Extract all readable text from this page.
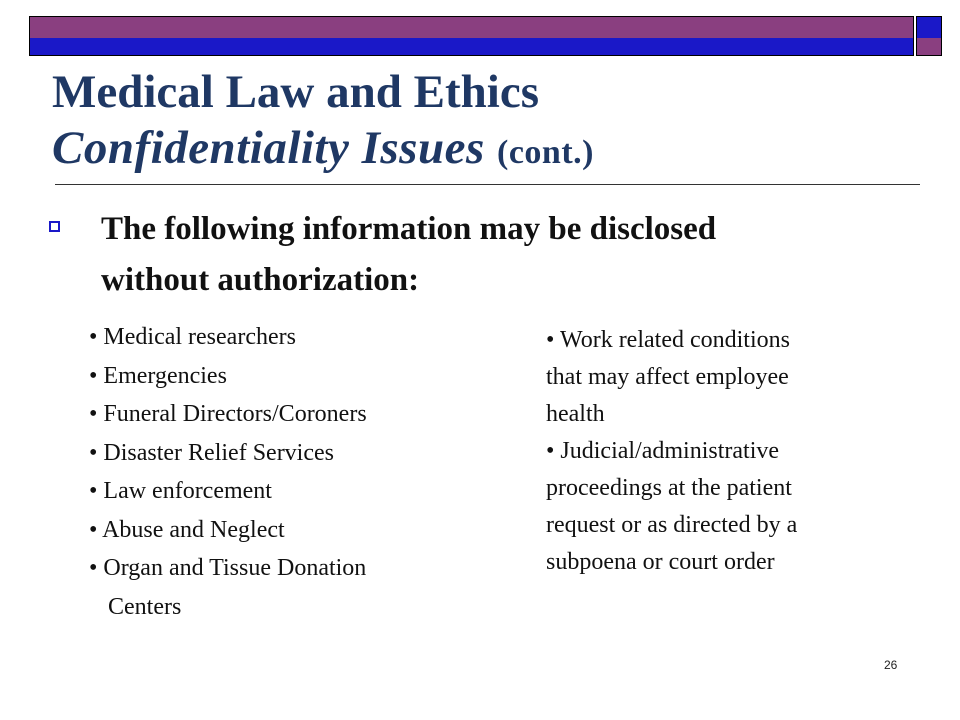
Medical Law and Ethics
Confidentiality Issues (cont.)
The following information may be disclosed
without authorization:
• Medical researchers
• Emergencies
• Funeral Directors/Coroners
• Disaster Relief Services
• Law enforcement
• Abuse and Neglect
• Organ and Tissue Donation
Centers
• Work related conditions
that may affect employee
health
• Judicial/administrative
proceedings at the patient
request or as directed by a
subpoena or court order
26
